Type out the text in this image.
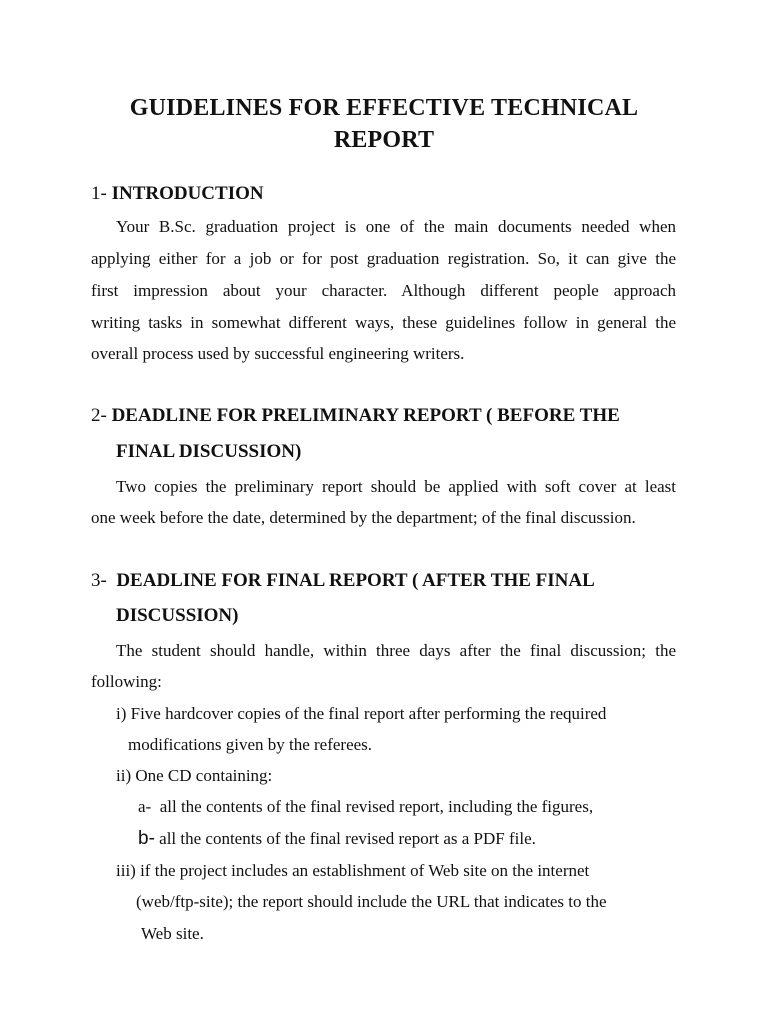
GUIDELINES FOR EFFECTIVE TECHNICAL
REPORT
1- INTRODUCTION
Your B.Sc. graduation project is one of the main documents needed when
applying either for a job or for post graduation registration. So, it can give the
first impression about your character. Although different people approach
writing tasks in somewhat different ways, these guidelines follow in general the
overall process used by successful engineering writers.
2- DEADLINE FOR PRELIMINARY REPORT ( BEFORE THE
FINAL DISCUSSION)
Two copies the preliminary report should be applied with soft cover at least
one week before the date, determined by the department; of the final discussion.
3-  DEADLINE FOR FINAL REPORT ( AFTER THE FINAL
DISCUSSION)
The student should handle, within three days after the final discussion; the
following:
i) Five hardcover copies of the final report after performing the required
modifications given by the referees.
ii) One CD containing:
a-  all the contents of the final revised report, including the figures,
b- all the contents of the final revised report as a PDF file.
iii) if the project includes an establishment of Web site on the internet
(web/ftp-site); the report should include the URL that indicates to the
Web site.
